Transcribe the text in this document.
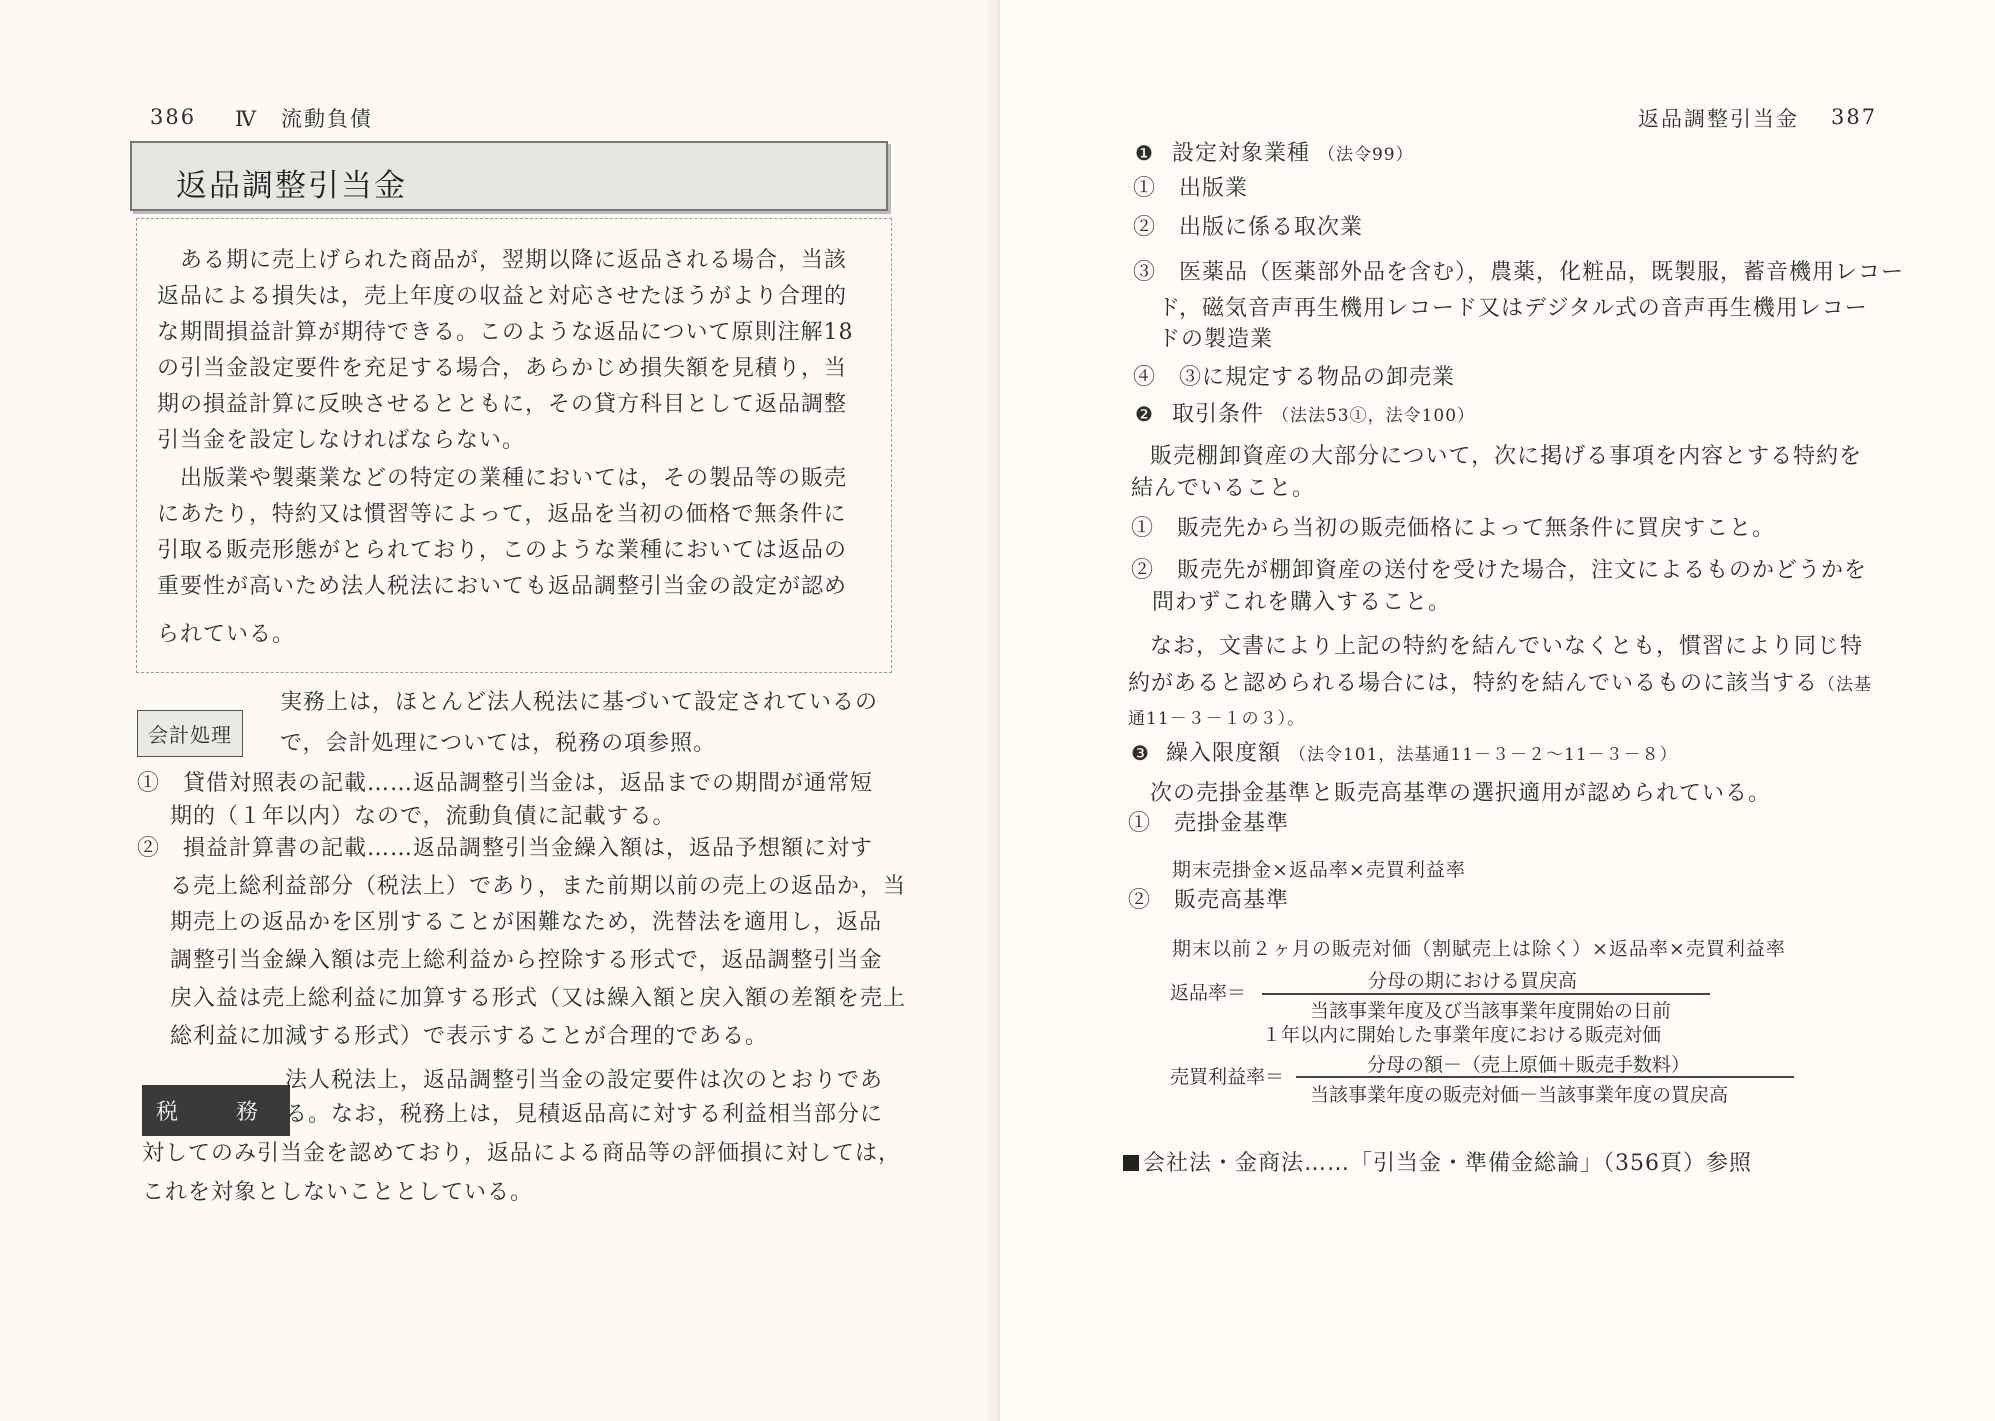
386 Ⅳ　流動負債
返品調整引当金
ある期に売上げられた商品が，翌期以降に返品される場合，当該
返品による損失は，売上年度の収益と対応させたほうがより合理的
な期間損益計算が期待できる。このような返品について原則注解18
の引当金設定要件を充足する場合，あらかじめ損失額を見積り，当
期の損益計算に反映させるとともに，その貸方科目として返品調整
引当金を設定しなければならない。
出版業や製薬業などの特定の業種においては，その製品等の販売
にあたり，特約又は慣習等によって，返品を当初の価格で無条件に
引取る販売形態がとられており，このような業種においては返品の
重要性が高いため法人税法においても返品調整引当金の設定が認め
られている。
会計処理
実務上は，ほとんど法人税法に基づいて設定されているの
で，会計処理については，税務の項参照。
①　貸借対照表の記載……返品調整引当金は，返品までの期間が通常短
期的（１年以内）なので，流動負債に記載する。
②　損益計算書の記載……返品調整引当金繰入額は，返品予想額に対す
る売上総利益部分（税法上）であり，また前期以前の売上の返品か，当
期売上の返品かを区別することが困難なため，洗替法を適用し，返品
調整引当金繰入額は売上総利益から控除する形式で，返品調整引当金
戻入益は売上総利益に加算する形式（又は繰入額と戻入額の差額を売上
総利益に加減する形式）で表示することが合理的である。
税　務
法人税法上，返品調整引当金の設定要件は次のとおりであ
る。なお，税務上は，見積返品高に対する利益相当部分に
対してのみ引当金を認めており，返品による商品等の評価損に対しては，
これを対象としないこととしている。
返品調整引当金 387
❶ 設定対象業種 （法令99）
①　出版業
②　出版に係る取次業
③　医薬品（医薬部外品を含む），農薬，化粧品，既製服，蓄音機用レコー
ド，磁気音声再生機用レコード又はデジタル式の音声再生機用レコー
ドの製造業
④　③に規定する物品の卸売業
❷ 取引条件 （法法53①，法令100）
販売棚卸資産の大部分について，次に掲げる事項を内容とする特約を
結んでいること。
①　販売先から当初の販売価格によって無条件に買戻すこと。
②　販売先が棚卸資産の送付を受けた場合，注文によるものかどうかを
問わずこれを購入すること。
なお，文書により上記の特約を結んでいなくとも，慣習により同じ特
約があると認められる場合には，特約を結んでいるものに該当する（法基
通11－３－１の３）。
❸ 繰入限度額 （法令101，法基通11－３－２～11－３－８）
次の売掛金基準と販売高基準の選択適用が認められている。
①　売掛金基準
期末売掛金×返品率×売買利益率
②　販売高基準
期末以前２ヶ月の販売対価（割賦売上は除く）×返品率×売買利益率
返品率＝
分母の期における買戻高
当該事業年度及び当該事業年度開始の日前
１年以内に開始した事業年度における販売対価
売買利益率＝
分母の額－（売上原価＋販売手数料）
当該事業年度の販売対価－当該事業年度の買戻高
会社法・金商法……「引当金・準備金総論」（356頁）参照
